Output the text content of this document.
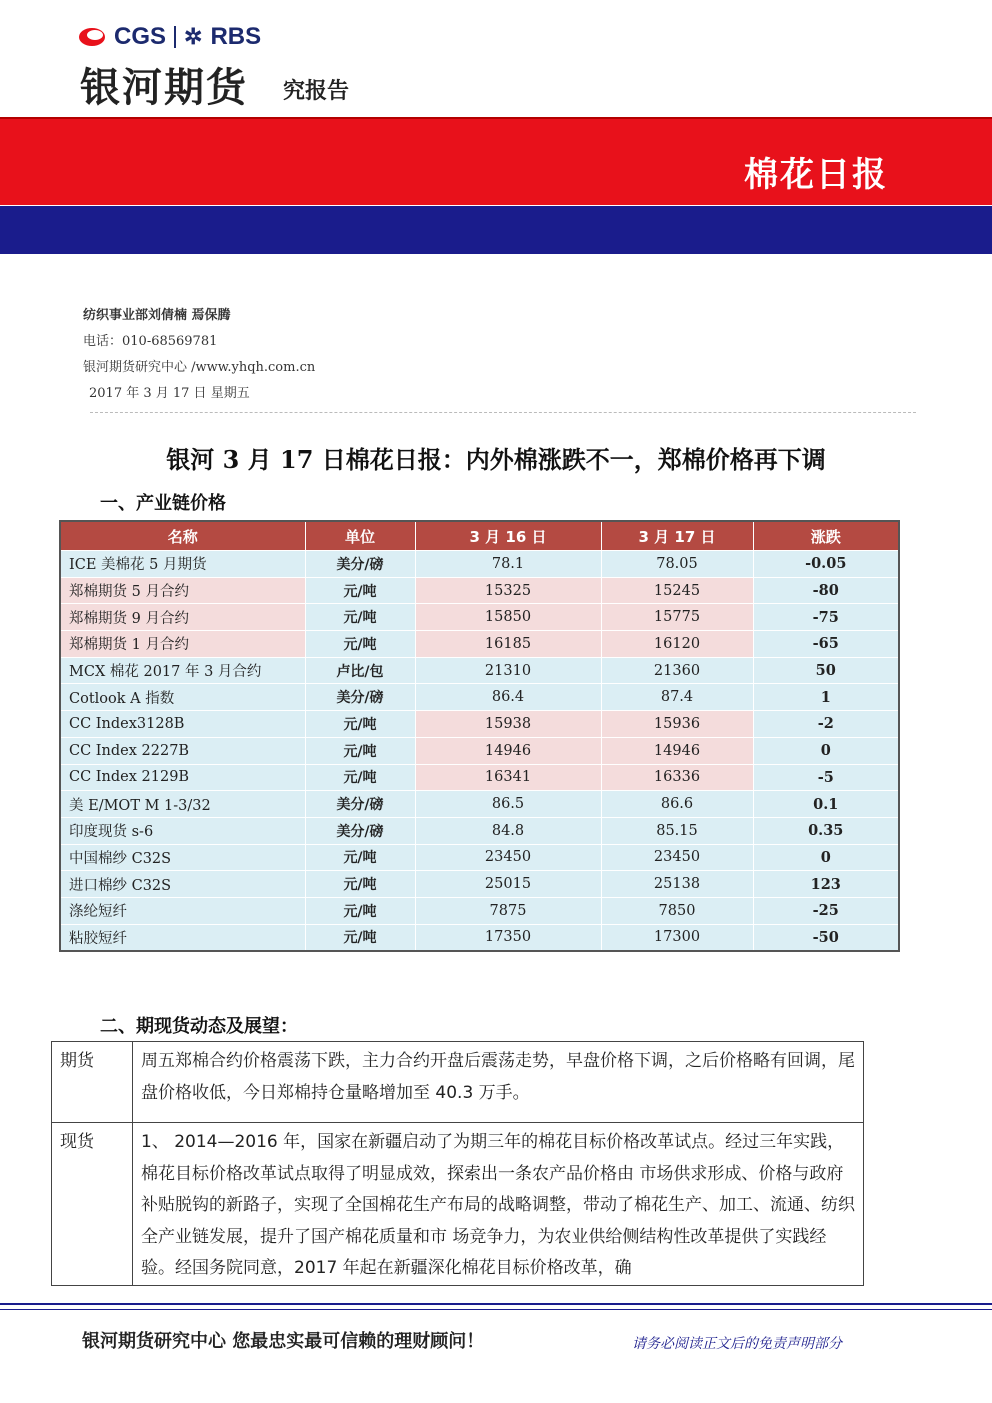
CGS ✲ RBS
银河期货 究报告
棉花日报
纺织事业部刘倩楠 焉保腾
电话：010-68569781
银河期货研究中心 /www.yhqh.com.cn
2017 年 3 月 17 日 星期五
银河 3 月 17 日棉花日报：内外棉涨跌不一，郑棉价格再下调
一、产业链价格
名称	单位	3 月 16 日	3 月 17 日	涨跌
ICE 美棉花 5 月期货	美分/磅	78.1	78.05	-0.05
郑棉期货 5 月合约	元/吨	15325	15245	-80
郑棉期货 9 月合约	元/吨	15850	15775	-75
郑棉期货 1 月合约	元/吨	16185	16120	-65
MCX 棉花 2017 年 3 月合约	卢比/包	21310	21360	50
Cotlook A 指数	美分/磅	86.4	87.4	1
CC Index3128B	元/吨	15938	15936	-2
CC Index 2227B	元/吨	14946	14946	0
CC Index 2129B	元/吨	16341	16336	-5
美 E/MOT M 1-3/32	美分/磅	86.5	86.6	0.1
印度现货 s-6	美分/磅	84.8	85.15	0.35
中国棉纱 C32S	元/吨	23450	23450	0
进口棉纱 C32S	元/吨	25015	25138	123
涤纶短纤	元/吨	7875	7850	-25
粘胶短纤	元/吨	17350	17300	-50
二、期现货动态及展望：
期货	周五郑棉合约价格震荡下跌，主力合约开盘后震荡走势，早盘价格下调，之后价格略有回调，尾盘价格收低，今日郑棉持仓量略增加至 40.3 万手。
现货	1、 2014—2016 年，国家在新疆启动了为期三年的棉花目标价格改革试点。经过三年实践，棉花目标价格改革试点取得了明显成效，探索出一条农产品价格由 市场供求形成、价格与政府补贴脱钩的新路子，实现了全国棉花生产布局的战略调整，带动了棉花生产、加工、流通、纺织全产业链发展，提升了国产棉花质量和市 场竞争力，为农业供给侧结构性改革提供了实践经验。经国务院同意，2017 年起在新疆深化棉花目标价格改革，确
银河期货研究中心 您最忠实最可信赖的理财顾问！	请务必阅读正文后的免责声明部分
